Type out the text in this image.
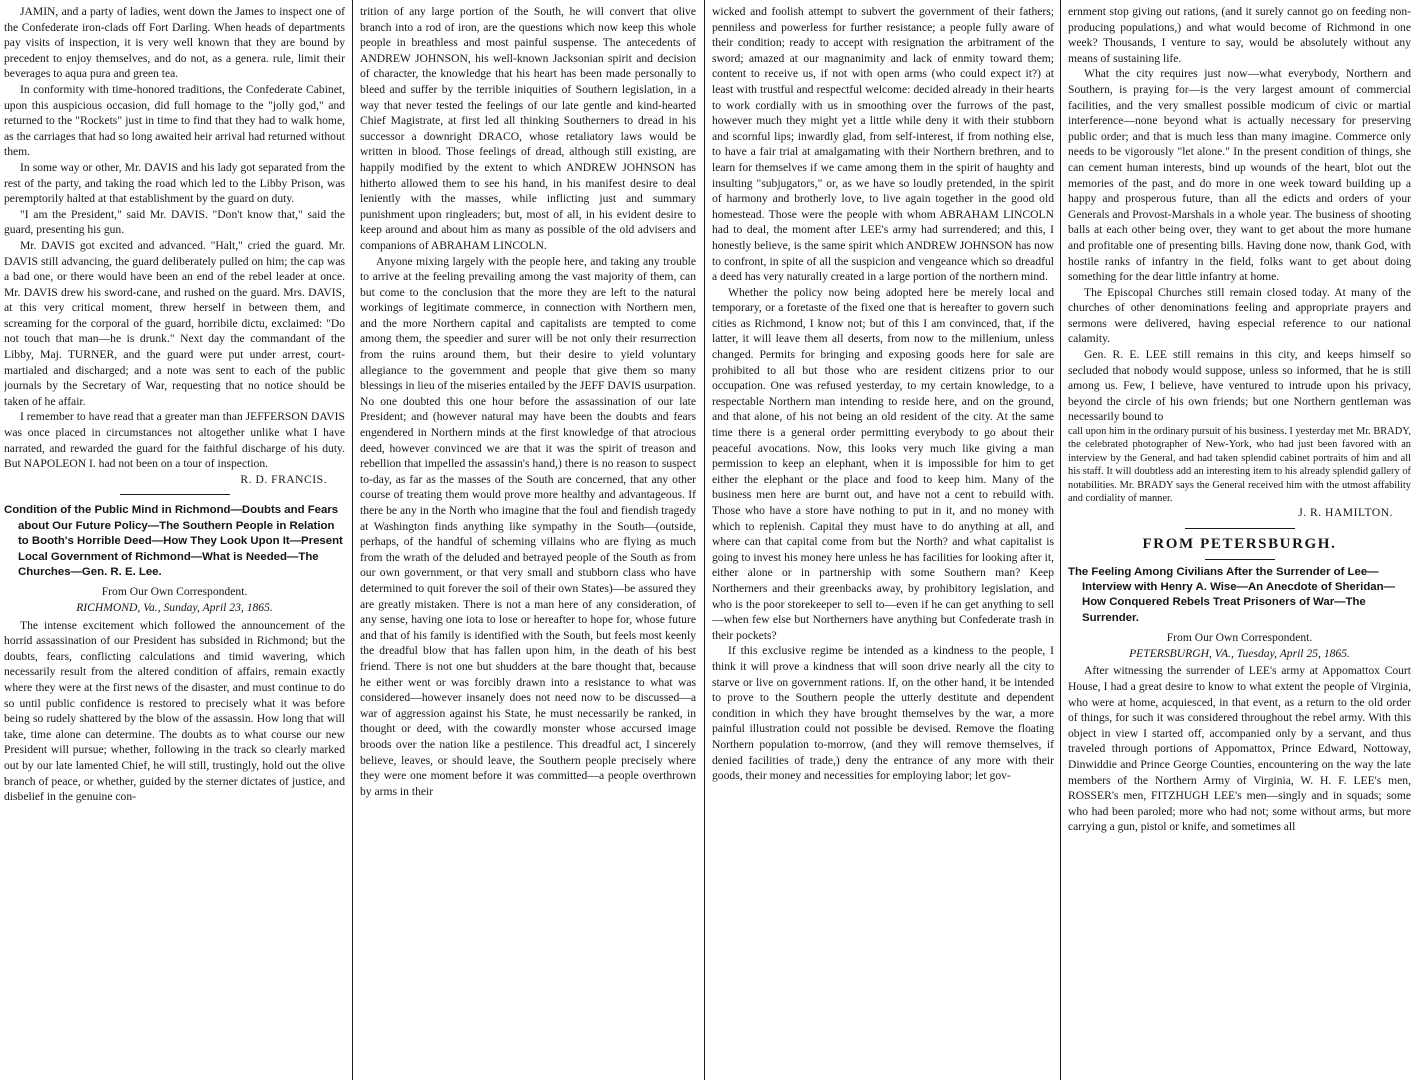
JAMIN, and a party of ladies, went down the James to inspect one of the Confederate iron-clads off Fort Darling. When heads of departments pay visits of inspection, it is very well known that they are bound by precedent to enjoy themselves, and do not, as a genera. rule, limit their beverages to aqua pura and green tea.

In conformity with time-honored traditions, the Confederate Cabinet, upon this auspicious occasion, did full homage to the "jolly god," and returned to the "Rockets" just in time to find that they had to walk home, as the carriages that had so long awaited heir arrival had returned without them.

In some way or other, Mr. DAVIS and his lady got separated from the rest of the party, and taking the road which led to the Libby Prison, was peremptorily halted at that establishment by the guard on duty.

"I am the President," said Mr. DAVIS. "Don't know that," said the guard, presenting his gun.

Mr. DAVIS got excited and advanced. "Halt," cried the guard. Mr. DAVIS still advancing, the guard deliberately pulled on him; the cap was a bad one, or there would have been an end of the rebel leader at once. Mr. DAVIS drew his sword-cane, and rushed on the guard. Mrs. DAVIS, at this very critical moment, threw herself in between them, and screaming for the corporal of the guard, horribile dictu, exclaimed: "Do not touch that man—he is drunk." Next day the commandant of the Libby, Maj. TURNER, and the guard were put under arrest, court-martialed and discharged; and a note was sent to each of the public journals by the Secretary of War, requesting that no notice should be taken of he affair.

I remember to have read that a greater man than JEFFERSON DAVIS was once placed in circumstances not altogether unlike what I have narrated, and rewarded the guard for the faithful discharge of his duty. But NAPOLEON I. had not been on a tour of inspection.

R. D. FRANCIS.

Condition of the Public Mind in Richmond—Doubts and Fears about Our Future Policy—The Southern People in Relation to Booth's Horrible Deed—How They Look Upon It—Present Local Government of Richmond—What is Needed—The Churches—Gen. R. E. Lee.

From Our Own Correspondent.

RICHMOND, Va., Sunday, April 23, 1865.

The intense excitement which followed the announcement of the horrid assassination of our President has subsided in Richmond; but the doubts, fears, conflicting calculations and timid wavering, which necessarily result from the altered condition of affairs, remain exactly where they were at the first news of the disaster, and must continue to do so until public confidence is restored to precisely what it was before being so rudely shattered by the blow of the assassin. How long that will take, time alone can determine. The doubts as to what course our new President will pursue; whether, following in the track so clearly marked out by our late lamented Chief, he will still, trustingly, hold out the olive branch of peace, or whether, guided by the sterner dictates of justice, and disbelief in the genuine con-

trition of any large portion of the South, he will convert that olive branch into a rod of iron, are the questions which now keep this whole people in breathless and most painful suspense. The antecedents of ANDREW JOHNSON, his well-known Jacksonian spirit and decision of character, the knowledge that his heart has been made personally to bleed and suffer by the terrible iniquities of Southern legislation, in a way that never tested the feelings of our late gentle and kind-hearted Chief Magistrate, at first led all thinking Southerners to dread in his successor a downright DRACO, whose retaliatory laws would be written in blood. Those feelings of dread, although still existing, are happily modified by the extent to which ANDREW JOHNSON has hitherto allowed them to see his hand, in his manifest desire to deal leniently with the masses, while inflicting just and summary punishment upon ringleaders; but, most of all, in his evident desire to keep around and about him as many as possible of the old advisers and companions of ABRAHAM LINCOLN.

Anyone mixing largely with the people here, and taking any trouble to arrive at the feeling prevailing among the vast majority of them, can but come to the conclusion that the more they are left to the natural workings of legitimate commerce, in connection with Northern men, and the more Northern capital and capitalists are tempted to come among them, the speedier and surer will be not only their resurrection from the ruins around them, but their desire to yield voluntary allegiance to the government and people that give them so many blessings in lieu of the miseries entailed by the JEFF DAVIS usurpation. No one doubted this one hour before the assassination of our late President; and (however natural may have been the doubts and fears engendered in Northern minds at the first knowledge of that atrocious deed, however convinced we are that it was the spirit of treason and rebellion that impelled the assassin's hand,) there is no reason to suspect to-day, as far as the masses of the South are concerned, that any other course of treating them would prove more healthy and advantageous. If there be any in the North who imagine that the foul and fiendish tragedy at Washington finds anything like sympathy in the South—(outside, perhaps, of the handful of scheming villains who are flying as much from the wrath of the deluded and betrayed people of the South as from our own government, or that very small and stubborn class who have determined to quit forever the soil of their own States)—be assured they are greatly mistaken. There is not a man here of any consideration, of any sense, having one iota to lose or hereafter to hope for, whose future and that of his family is identified with the South, but feels most keenly the dreadful blow that has fallen upon him, in the death of his best friend. There is not one but shudders at the bare thought that, because he either went or was forcibly drawn into a resistance to what was considered—however insanely does not need now to be discussed—a war of aggression against his State, he must necessarily be ranked, in thought or deed, with the cowardly monster whose accursed image broods over the nation like a pestilence. This dreadful act, I sincerely believe, leaves, or should leave, the Southern people precisely where they were one moment before it was committed—a people overthrown by arms in their

wicked and foolish attempt to subvert the government of their fathers; penniless and powerless for further resistance; a people fully aware of their condition; ready to accept with resignation the arbitrament of the sword; amazed at our magnanimity and lack of enmity toward them; content to receive us, if not with open arms (who could expect it?) at least with trustful and respectful welcome: decided already in their hearts to work cordially with us in smoothing over the furrows of the past, however much they might yet a little while deny it with their stubborn and scornful lips; inwardly glad, from self-interest, if from nothing else, to have a fair trial at amalgamating with their Northern brethren, and to learn for themselves if we came among them in the spirit of haughty and insulting "subjugators," or, as we have so loudly pretended, in the spirit of harmony and brotherly love, to live again together in the good old homestead. Those were the people with whom ABRAHAM LINCOLN had to deal, the moment after LEE's army had surrendered; and this, I honestly believe, is the same spirit which ANDREW JOHNSON has now to confront, in spite of all the suspicion and vengeance which so dreadful a deed has very naturally created in a large portion of the northern mind.

Whether the policy now being adopted here be merely local and temporary, or a foretaste of the fixed one that is hereafter to govern such cities as Richmond, I know not; but of this I am convinced, that, if the latter, it will leave them all deserts, from now to the millenium, unless changed. Permits for bringing and exposing goods here for sale are prohibited to all but those who are resident citizens prior to our occupation. One was refused yesterday, to my certain knowledge, to a respectable Northern man intending to reside here, and on the ground, and that alone, of his not being an old resident of the city. At the same time there is a general order permitting everybody to go about their peaceful avocations. Now, this looks very much like giving a man permission to keep an elephant, when it is impossible for him to get either the elephant or the place and food to keep him. Many of the business men here are burnt out, and have not a cent to rebuild with. Those who have a store have nothing to put in it, and no money with which to replenish. Capital they must have to do anything at all, and where can that capital come from but the North? and what capitalist is going to invest his money here unless he has facilities for looking after it, either alone or in partnership with some Southern man? Keep Northerners and their greenbacks away, by prohibitory legislation, and who is the poor storekeeper to sell to—even if he can get anything to sell—when few else but Northerners have anything but Confederate trash in their pockets?

If this exclusive regime be intended as a kindness to the people, I think it will prove a kindness that will soon drive nearly all the city to starve or live on government rations. If, on the other hand, it be intended to prove to the Southern people the utterly destitute and dependent condition in which they have brought themselves by the war, a more painful illustration could not possible be devised. Remove the floating Northern population to-morrow, (and they will remove themselves, if denied facilities of trade,) deny the entrance of any more with their goods, their money and necessities for employing labor; let gov-

ernment stop giving out rations, (and it surely cannot go on feeding non-producing populations,) and what would become of Richmond in one week? Thousands, I venture to say, would be absolutely without any means of sustaining life.

What the city requires just now—what everybody, Northern and Southern, is praying for—is the very largest amount of commercial facilities, and the very smallest possible modicum of civic or martial interference—none beyond what is actually necessary for preserving public order; and that is much less than many imagine. Commerce only needs to be vigorously "let alone." In the present condition of things, she can cement human interests, bind up wounds of the heart, blot out the memories of the past, and do more in one week toward building up a happy and prosperous future, than all the edicts and orders of your Generals and Provost-Marshals in a whole year. The business of shooting balls at each other being over, they want to get about the more humane and profitable one of presenting bills. Having done now, thank God, with hostile ranks of infantry in the field, folks want to get about doing something for the dear little infantry at home.

The Episcopal Churches still remain closed today. At many of the churches of other denominations feeling and appropriate prayers and sermons were delivered, having especial reference to our national calamity.

Gen. R. E. LEE still remains in this city, and keeps himself so secluded that nobody would suppose, unless so informed, that he is still among us. Few, I believe, have ventured to intrude upon his privacy, beyond the circle of his own friends; but one Northern gentleman was necessarily bound to

call upon him in the ordinary pursuit of his business. I yesterday met Mr. BRADY, the celebrated photographer of New-York, who had just been favored with an interview by the General, and had taken splendid cabinet portraits of him and all his staff. It will doubtless add an interesting item to his already splendid gallery of notabilities. Mr. BRADY says the General received him with the utmost affability and cordiality of manner.

J. R. HAMILTON.

FROM PETERSBURGH.
The Feeling Among Civilians After the Surrender of Lee—Interview with Henry A. Wise—An Anecdote of Sheridan—How Conquered Rebels Treat Prisoners of War—The Surrender.

From Our Own Correspondent.

PETERSBURGH, VA., Tuesday, April 25, 1865.

After witnessing the surrender of LEE's army at Appomattox Court House, I had a great desire to know to what extent the people of Virginia, who were at home, acquiesced, in that event, as a return to the old order of things, for such it was considered throughout the rebel army. With this object in view I started off, accompanied only by a servant, and thus traveled through portions of Appomattox, Prince Edward, Nottoway, Dinwiddie and Prince George Counties, encountering on the way the late members of the Northern Army of Virginia, W. H. F. LEE's men, ROSSER's men, FITZHUGH LEE's men—singly and in squads; some who had been paroled; more who had not; some without arms, but more carrying a gun, pistol or knife, and sometimes all
